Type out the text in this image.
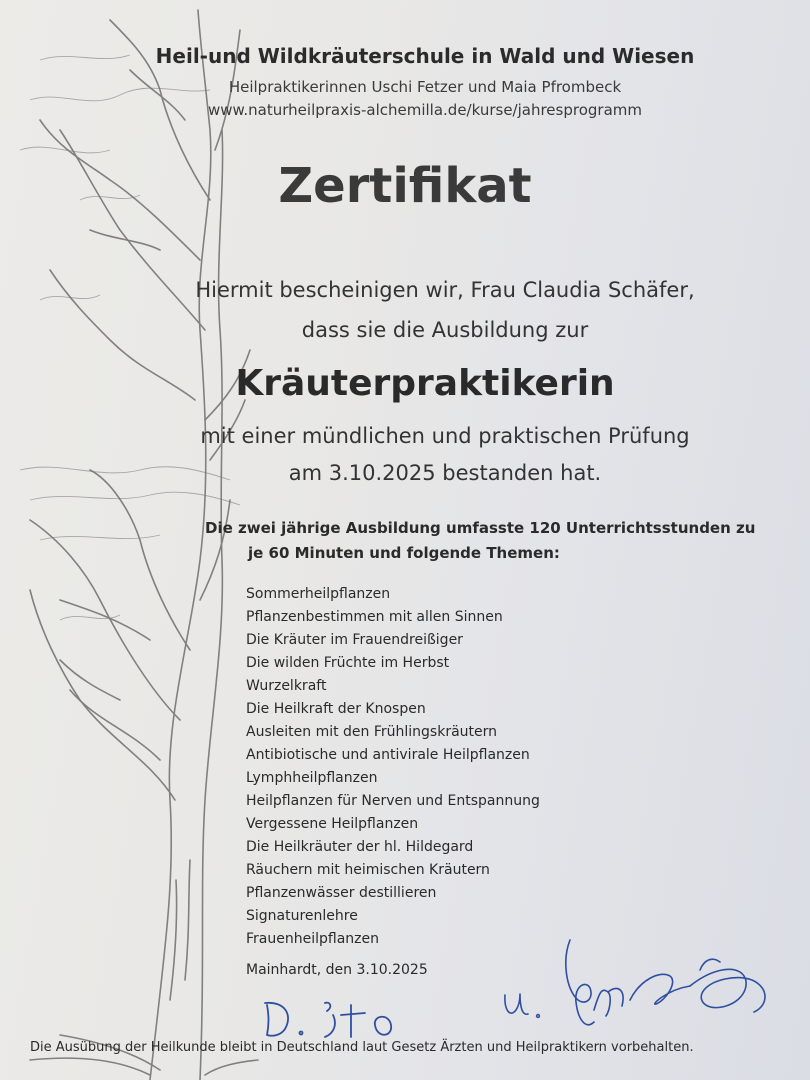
Heil-und Wildkräuterschule in Wald und Wiesen
Heilpraktikerinnen Uschi Fetzer und Maia Pfrombeck
www.naturheilpraxis-alchemilla.de/kurse/jahresprogramm
Zertifikat
Hiermit bescheinigen wir, Frau Claudia Schäfer,
dass sie die Ausbildung zur
Kräuterpraktikerin
mit einer mündlichen und praktischen Prüfung
am 3.10.2025 bestanden hat.
Die zwei jährige Ausbildung umfasste 120 Unterrichtsstunden zu
je 60 Minuten und folgende Themen:
Sommerheilpflanzen
Pflanzenbestimmen mit allen Sinnen
Die Kräuter im Frauendreißiger
Die wilden Früchte im Herbst
Wurzelkraft
Die Heilkraft der Knospen
Ausleiten mit den Frühlingskräutern
Antibiotische und antivirale Heilpflanzen
Lymphheilpflanzen
Heilpflanzen für Nerven und Entspannung
Vergessene Heilpflanzen
Die Heilkräuter der hl. Hildegard
Räuchern mit heimischen Kräutern
Pflanzenwässer destillieren
Signaturenlehre
Frauenheilpflanzen
Mainhardt, den 3.10.2025
Die Ausübung der Heilkunde bleibt in Deutschland laut Gesetz Ärzten und Heilpraktikern vorbehalten.
